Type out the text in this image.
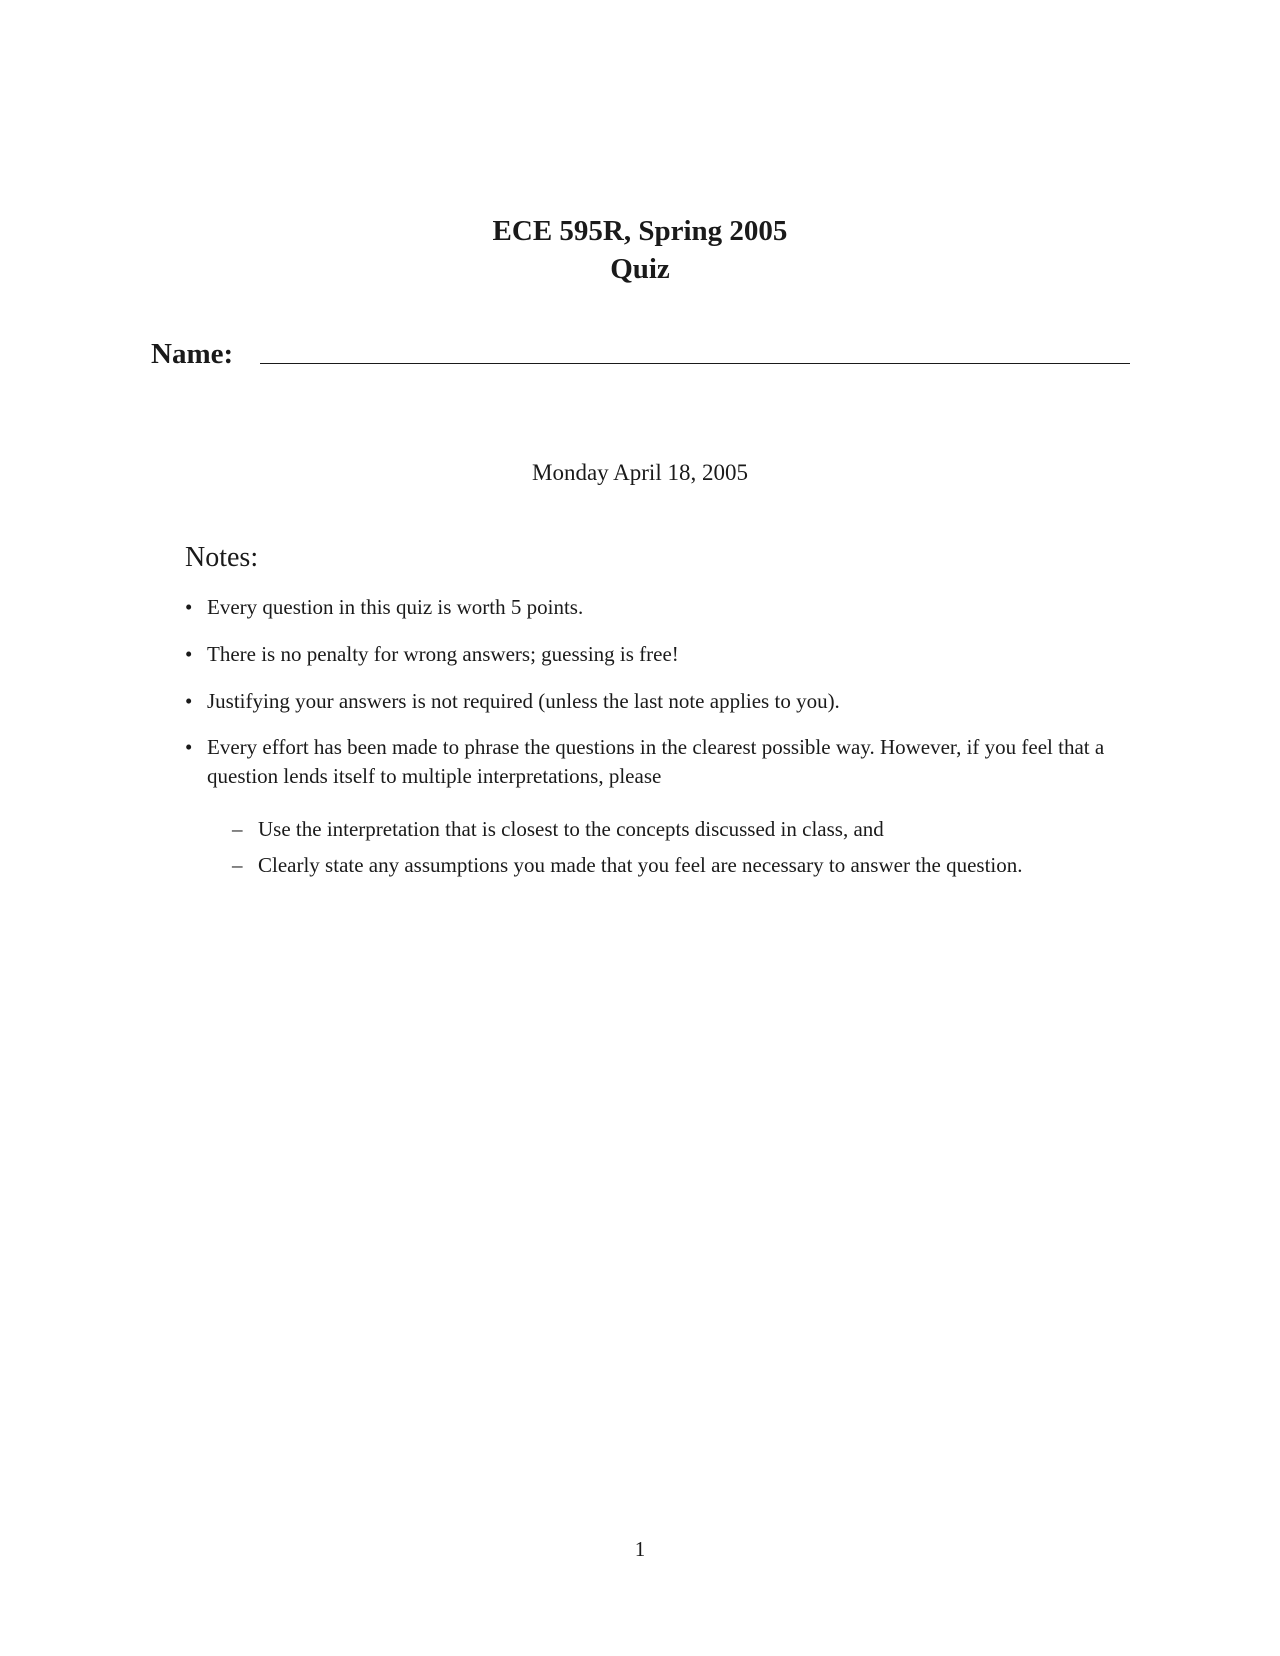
ECE 595R, Spring 2005
Quiz
Name:
Monday April 18, 2005
Notes:
• Every question in this quiz is worth 5 points.
• There is no penalty for wrong answers; guessing is free!
• Justifying your answers is not required (unless the last note applies to you).
• Every effort has been made to phrase the questions in the clearest possible way. However, if you feel that a question lends itself to multiple interpretations, please
– Use the interpretation that is closest to the concepts discussed in class, and
– Clearly state any assumptions you made that you feel are necessary to answer the question.
1
